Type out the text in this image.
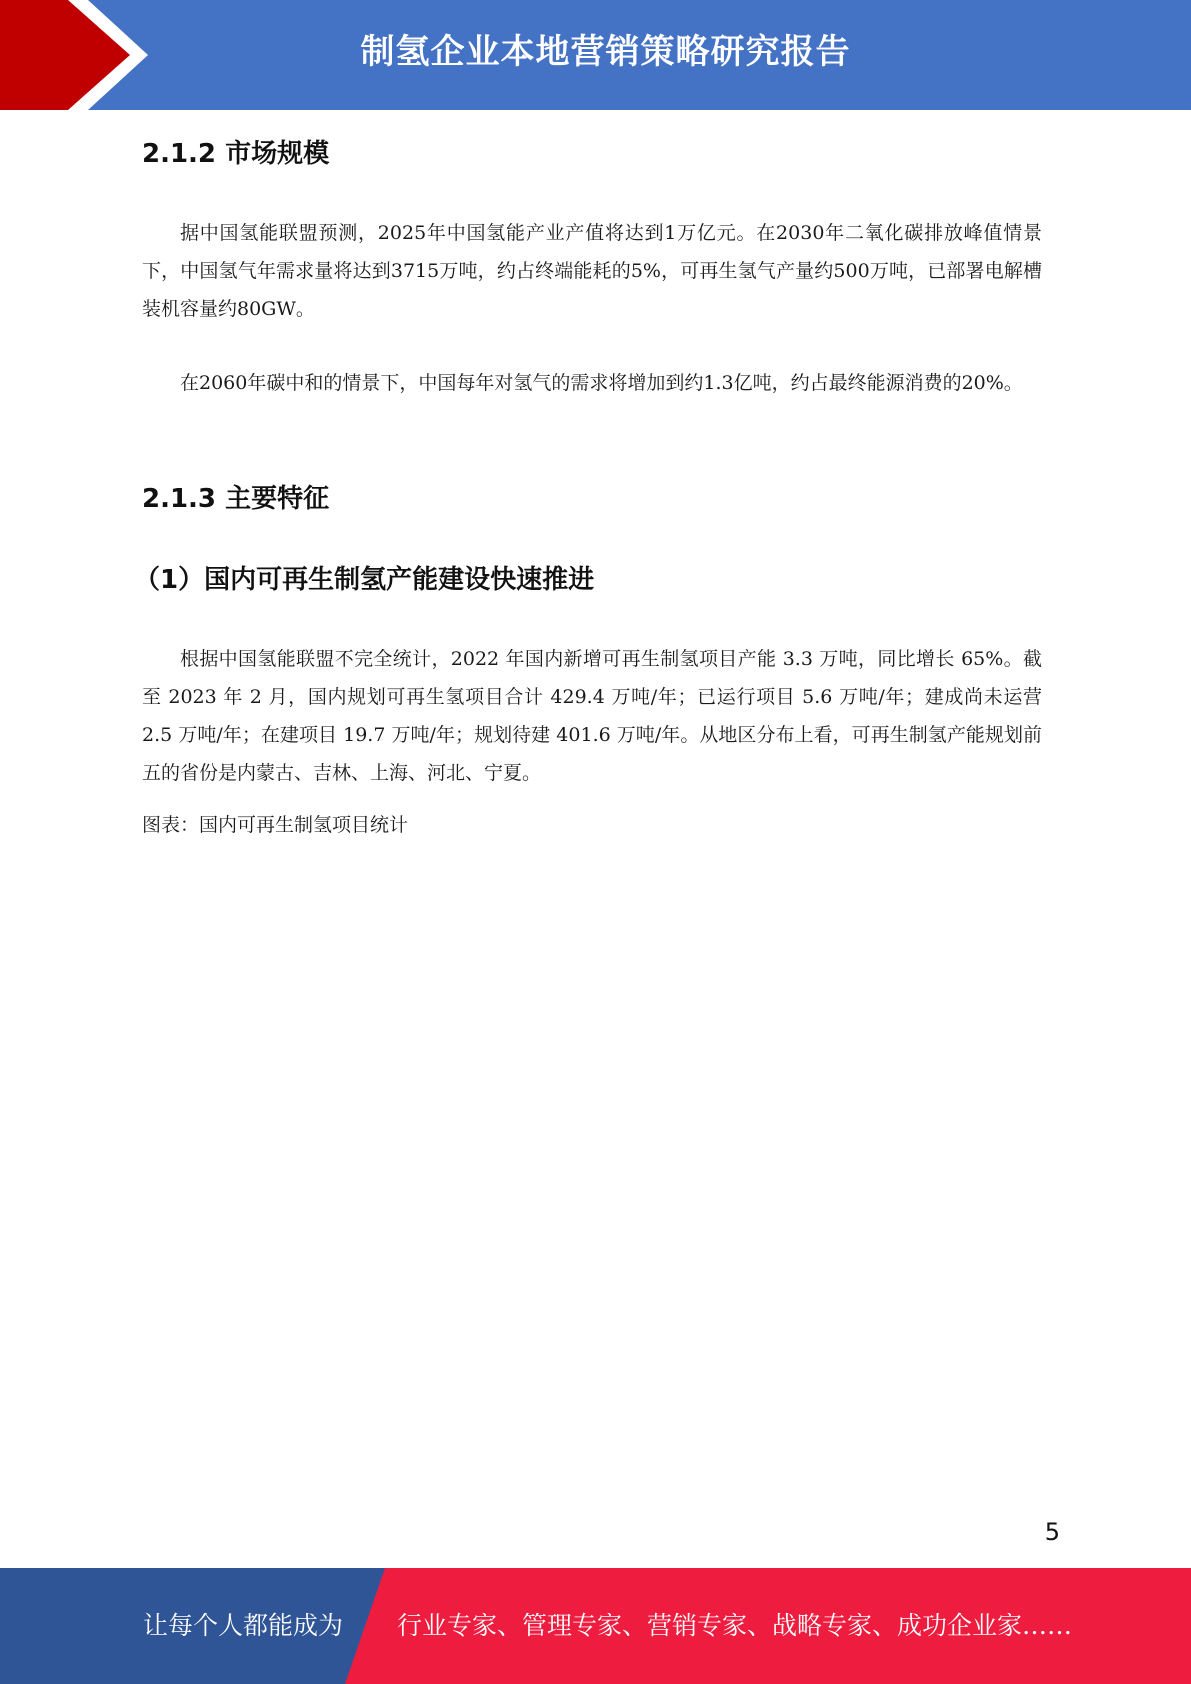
制氢企业本地营销策略研究报告
2.1.2 市场规模

据中国氢能联盟预测，2025年中国氢能产业产值将达到1万亿元。在2030年二氧化碳排放峰值情景下，中国氢气年需求量将达到3715万吨，约占终端能耗的5%，可再生氢气产量约500万吨，已部署电解槽装机容量约80GW。

在2060年碳中和的情景下，中国每年对氢气的需求将增加到约1.3亿吨，约占最终能源消费的20%。

2.1.3 主要特征
（1）国内可再生制氢产能建设快速推进

根据中国氢能联盟不完全统计，2022 年国内新增可再生制氢项目产能 3.3 万吨，同比增长 65%。截至 2023 年 2 月，国内规划可再生氢项目合计 429.4 万吨/年；已运行项目 5.6 万吨/年；建成尚未运营 2.5 万吨/年；在建项目 19.7 万吨/年；规划待建 401.6 万吨/年。从地区分布上看，可再生制氢产能规划前五的省份是内蒙古、吉林、上海、河北、宁夏。

图表：国内可再生制氢项目统计

5
让每个人都能成为 行业专家、管理专家、营销专家、战略专家、成功企业家……
